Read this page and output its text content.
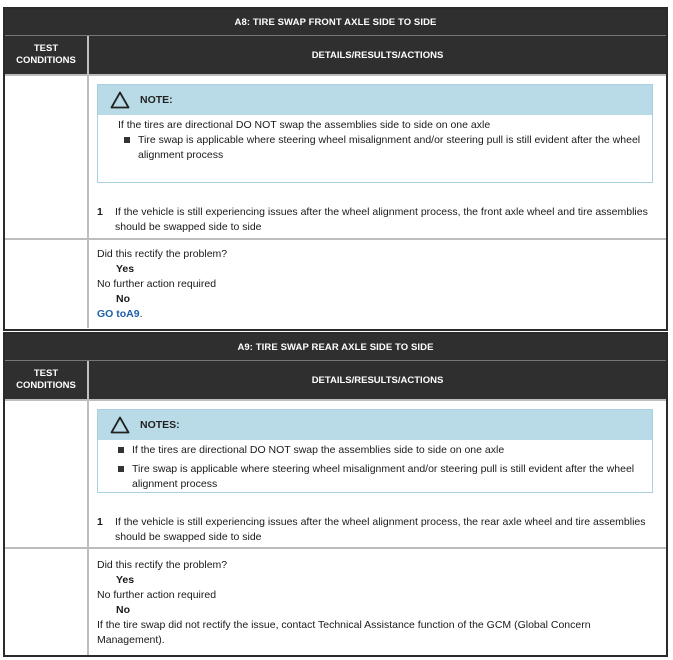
A8: TIRE SWAP FRONT AXLE SIDE TO SIDE
TEST
CONDITIONS	DETAILS/RESULTS/ACTIONS
NOTE:
If the tires are directional DO NOT swap the assemblies side to side on one axle
Tire swap is applicable where steering wheel misalignment and/or steering pull is still evident after the wheel alignment process
1	If the vehicle is still experiencing issues after the wheel alignment process, the front axle wheel and tire assemblies should be swapped side to side
Did this rectify the problem?
Yes
No further action required
No
GO toA9.
A9: TIRE SWAP REAR AXLE SIDE TO SIDE
TEST
CONDITIONS	DETAILS/RESULTS/ACTIONS
NOTES:
If the tires are directional DO NOT swap the assemblies side to side on one axle
Tire swap is applicable where steering wheel misalignment and/or steering pull is still evident after the wheel alignment process
1	If the vehicle is still experiencing issues after the wheel alignment process, the rear axle wheel and tire assemblies should be swapped side to side
Did this rectify the problem?
Yes
No further action required
No
If the tire swap did not rectify the issue, contact Technical Assistance function of the GCM (Global Concern Management).
